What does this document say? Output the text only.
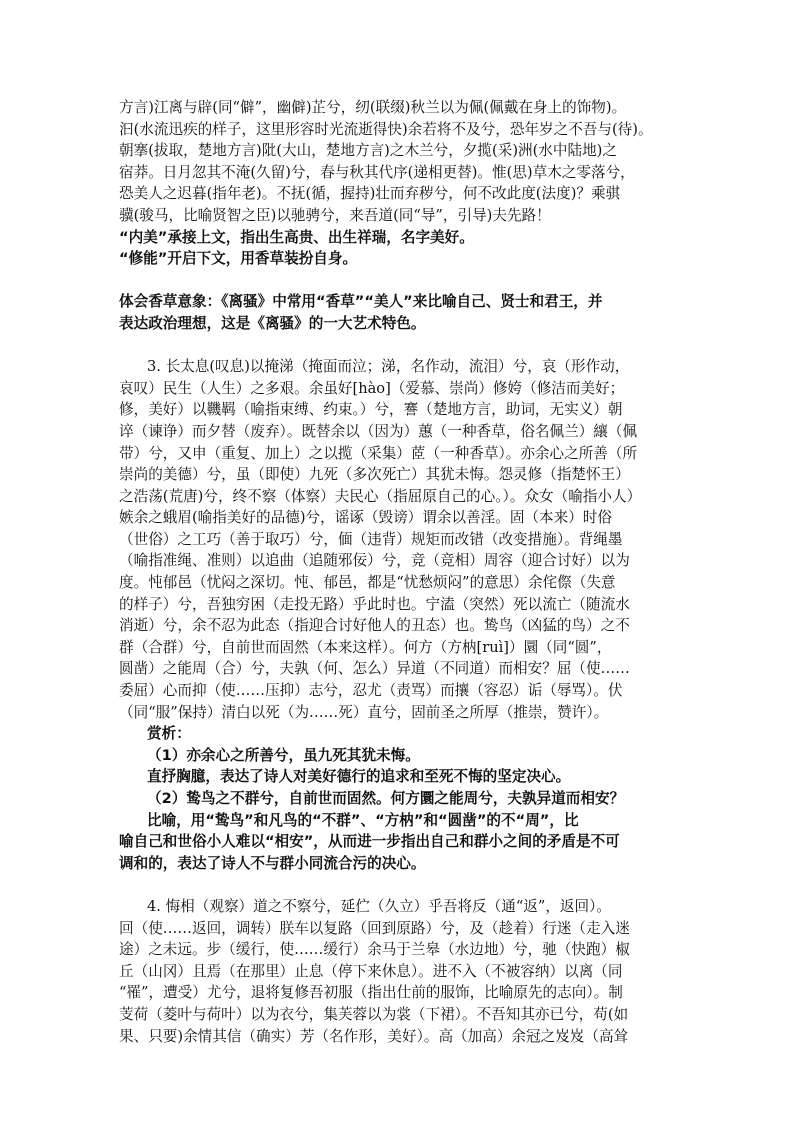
方言)江离与辟(同“僻”，幽僻)芷兮，纫(联缀)秋兰以为佩(佩戴在身上的饰物)。
汩(水流迅疾的样子，这里形容时光流逝得快)余若将不及兮，恐年岁之不吾与(待)。
朝搴(拔取，楚地方言)阰(大山，楚地方言)之木兰兮，夕揽(采)洲(水中陆地)之
宿莽。日月忽其不淹(久留)兮，春与秋其代序(递相更替)。惟(思)草木之零落兮，
恐美人之迟暮(指年老)。不抚(循，握持)壮而弃秽兮，何不改此度(法度)？乘骐
骥(骏马，比喻贤智之臣)以驰骋兮，来吾道(同“导”，引导)夫先路！
“内美”承接上文，指出生高贵、出生祥瑞，名字美好。
“修能”开启下文，用香草装扮自身。
体会香草意象：《离骚》中常用“香草”“美人”来比喻自己、贤士和君王，并
表达政治理想，这是《离骚》的一大艺术特色。
3. 长太息(叹息)以掩涕（掩面而泣；涕，名作动，流泪）兮，哀（形作动，
哀叹）民生（人生）之多艰。余虽好[hào]（爱慕、崇尚）修姱（修洁而美好；
修，美好）以鞿羁（喻指束缚、约束。）兮，謇（楚地方言，助词，无实义）朝
谇（谏诤）而夕替（废弃）。既替余以（因为）蕙（一种香草，俗名佩兰）纕（佩
带）兮，又申（重复、加上）之以揽（采集）茝（一种香草）。亦余心之所善（所
崇尚的美德）兮，虽（即使）九死（多次死亡）其犹未悔。怨灵修（指楚怀王）
之浩荡(荒唐)兮，终不察（体察）夫民心（指屈原自己的心。）。众女（喻指小人）
嫉余之蛾眉(喻指美好的品德)兮，谣诼（毁谤）谓余以善淫。固（本来）时俗
（世俗）之工巧（善于取巧）兮，偭（违背）规矩而改错（改变措施）。背绳墨
（喻指准绳、准则）以追曲（追随邪佞）兮，竞（竞相）周容（迎合讨好）以为
度。忳郁邑（忧闷之深切。忳、郁邑，都是“忧愁烦闷”的意思）余侘傺（失意
的样子）兮，吾独穷困（走投无路）乎此时也。宁溘（突然）死以流亡（随流水
消逝）兮，余不忍为此态（指迎合讨好他人的丑态）也。鸷鸟（凶猛的鸟）之不
群（合群）兮，自前世而固然（本来这样）。何方（方枘[ruì]）圜（同“圆”，
圆凿）之能周（合）兮，夫孰（何、怎么）异道（不同道）而相安？屈（使……
委屈）心而抑（使……压抑）志兮，忍尤（责骂）而攘（容忍）诟（辱骂）。伏
（同“服”保持）清白以死（为……死）直兮，固前圣之所厚（推崇，赞许）。
赏析：
（1）亦余心之所善兮，虽九死其犹未悔。
直抒胸臆，表达了诗人对美好德行的追求和至死不悔的坚定决心。
（2）鸷鸟之不群兮，自前世而固然。何方圜之能周兮，夫孰异道而相安？
比喻，用“鸷鸟”和凡鸟的“不群”、“方枘”和“圆凿”的不“周”，比
喻自己和世俗小人难以“相安”，从而进一步指出自己和群小之间的矛盾是不可
调和的，表达了诗人不与群小同流合污的决心。
4. 悔相（观察）道之不察兮，延伫（久立）乎吾将反（通“返”，返回）。
回（使……返回，调转）朕车以复路（回到原路）兮，及（趁着）行迷（走入迷
途）之未远。步（缓行，使……缓行）余马于兰皋（水边地）兮，驰（快跑）椒
丘（山冈）且焉（在那里）止息（停下来休息）。进不入（不被容纳）以离（同
“罹”，遭受）尤兮，退将复修吾初服（指出仕前的服饰，比喻原先的志向）。制
芰荷（菱叶与荷叶）以为衣兮，集芙蓉以为裳（下裙）。不吾知其亦已兮，苟(如
果、只要)余情其信（确实）芳（名作形，美好）。高（加高）余冠之岌岌（高耸
